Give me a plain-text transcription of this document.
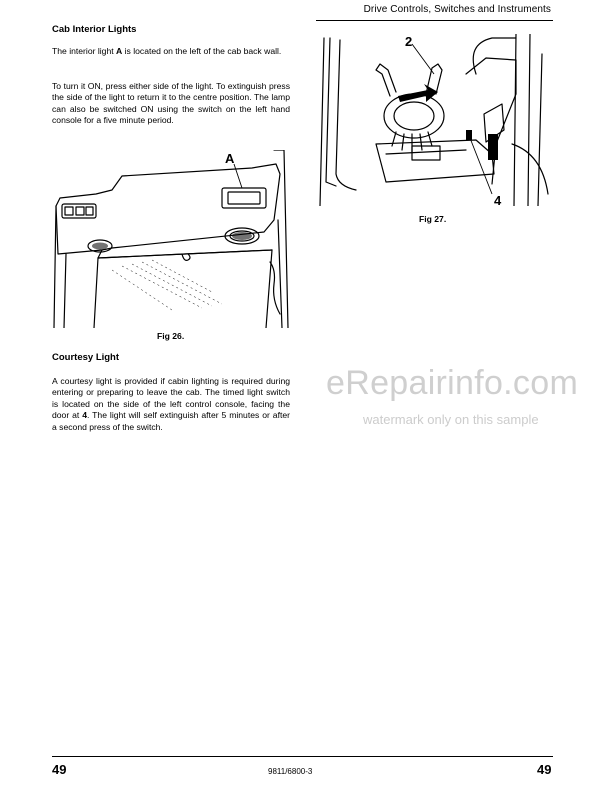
Drive Controls, Switches and Instruments
Cab Interior Lights

The interior light A is located on the left of the cab back wall.

To turn it ON, press either side of the light. To extinguish press the side of the light to return it to the centre position. The lamp can also be switched ON using the switch on the left hand console for a five minute period.

A
Fig 26.
Courtesy Light

A courtesy light is provided if cabin lighting is required during entering or preparing to leave the cab. The timed light switch is located on the side of the left control console, facing the door at 4. The light will self extinguish after 5 minutes or after a second press of the switch.

2
4
Fig 27.
eRepairinfo.com
watermark only on this sample
49	9811/6800-3	49
